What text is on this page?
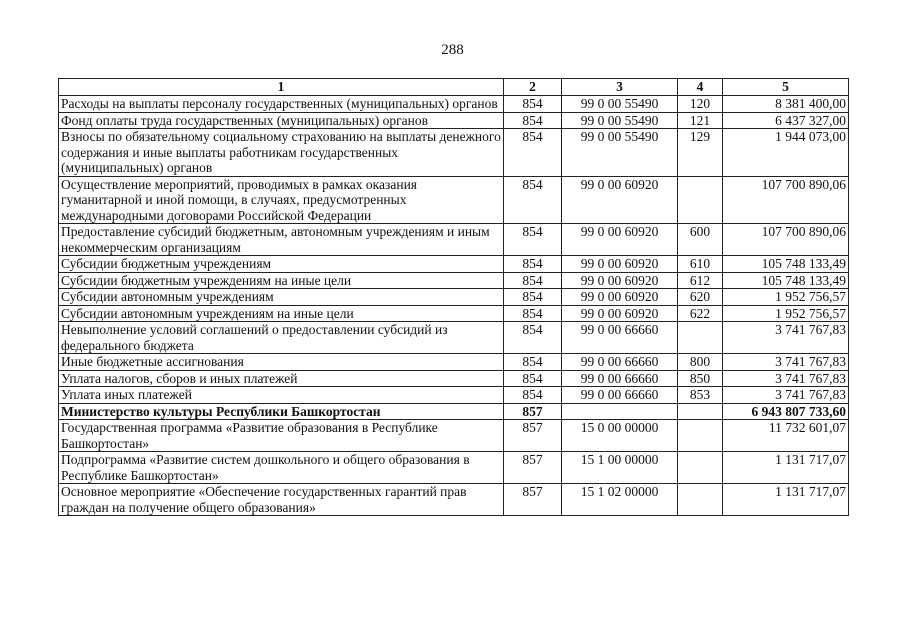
288
1	2	3	4	5
Расходы на выплаты персоналу государственных (муниципальных) органов	854	99 0 00 55490	120	8 381 400,00
Фонд оплаты труда государственных (муниципальных) органов	854	99 0 00 55490	121	6 437 327,00
Взносы по обязательному социальному страхованию на выплаты денежного содержания и иные выплаты работникам государственных (муниципальных) органов	854	99 0 00 55490	129	1 944 073,00
Осуществление мероприятий, проводимых в рамках оказания гуманитарной и иной помощи, в случаях, предусмотренных международными договорами Российской Федерации	854	99 0 00 60920		107 700 890,06
Предоставление субсидий бюджетным, автономным учреждениям и иным некоммерческим организациям	854	99 0 00 60920	600	107 700 890,06
Субсидии бюджетным учреждениям	854	99 0 00 60920	610	105 748 133,49
Субсидии бюджетным учреждениям на иные цели	854	99 0 00 60920	612	105 748 133,49
Субсидии автономным учреждениям	854	99 0 00 60920	620	1 952 756,57
Субсидии автономным учреждениям на иные цели	854	99 0 00 60920	622	1 952 756,57
Невыполнение условий соглашений о предоставлении субсидий из федерального бюджета	854	99 0 00 66660		3 741 767,83
Иные бюджетные ассигнования	854	99 0 00 66660	800	3 741 767,83
Уплата налогов, сборов и иных платежей	854	99 0 00 66660	850	3 741 767,83
Уплата иных платежей	854	99 0 00 66660	853	3 741 767,83
Министерство культуры Республики Башкортостан	857			6 943 807 733,60
Государственная программа «Развитие образования в Республике Башкортостан»	857	15 0 00 00000		11 732 601,07
Подпрограмма «Развитие систем дошкольного и общего образования в Республике Башкортостан»	857	15 1 00 00000		1 131 717,07
Основное мероприятие «Обеспечение государственных гарантий прав граждан на получение общего образования»	857	15 1 02 00000		1 131 717,07
